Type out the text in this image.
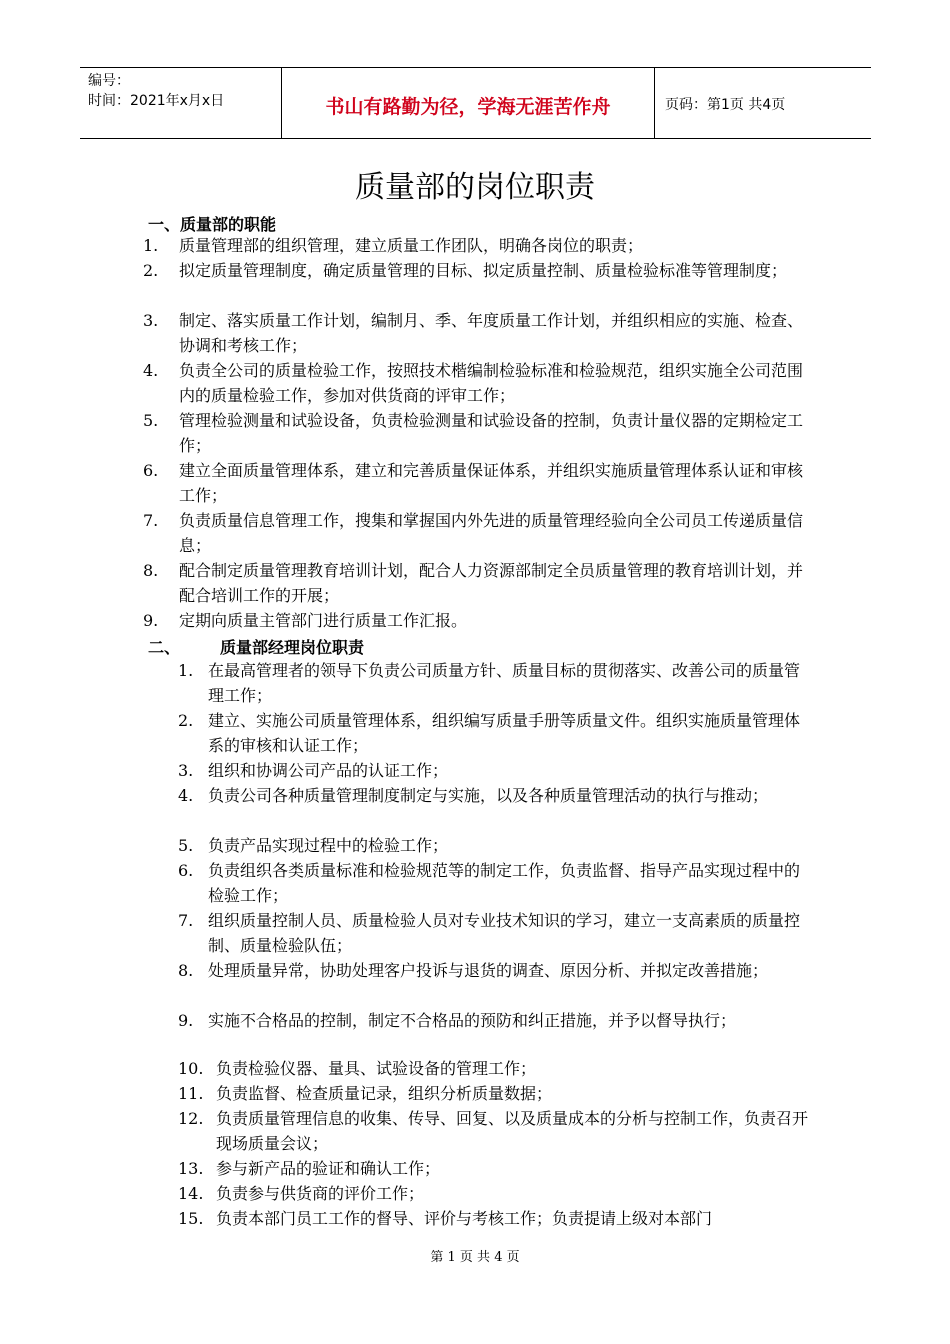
编号：
时间：2021年x月x日	书山有路勤为径，学海无涯苦作舟	页码：第1页 共4页
质量部的岗位职责
一、质量部的职能
1. 质量管理部的组织管理，建立质量工作团队，明确各岗位的职责；
2. 拟定质量管理制度，确定质量管理的目标、拟定质量控制、质量检验标准等管理制度；
3. 制定、落实质量工作计划，编制月、季、年度质量工作计划，并组织相应的实施、检查、协调和考核工作；
4. 负责全公司的质量检验工作，按照技术楷编制检验标准和检验规范，组织实施全公司范围内的质量检验工作，参加对供货商的评审工作；
5. 管理检验测量和试验设备，负责检验测量和试验设备的控制，负责计量仪器的定期检定工作；
6. 建立全面质量管理体系，建立和完善质量保证体系，并组织实施质量管理体系认证和审核工作；
7. 负责质量信息管理工作，搜集和掌握国内外先进的质量管理经验向全公司员工传递质量信息；
8. 配合制定质量管理教育培训计划，配合人力资源部制定全员质量管理的教育培训计划，并配合培训工作的开展；
9. 定期向质量主管部门进行质量工作汇报。
二、	质量部经理岗位职责
1. 在最高管理者的领导下负责公司质量方针、质量目标的贯彻落实、改善公司的质量管理工作；
2. 建立、实施公司质量管理体系，组织编写质量手册等质量文件。组织实施质量管理体系的审核和认证工作；
3. 组织和协调公司产品的认证工作；
4. 负责公司各种质量管理制度制定与实施，以及各种质量管理活动的执行与推动；
5. 负责产品实现过程中的检验工作；
6. 负责组织各类质量标准和检验规范等的制定工作，负责监督、指导产品实现过程中的检验工作；
7. 组织质量控制人员、质量检验人员对专业技术知识的学习，建立一支高素质的质量控制、质量检验队伍；
8. 处理质量异常，协助处理客户投诉与退货的调查、原因分析、并拟定改善措施；
9. 实施不合格品的控制，制定不合格品的预防和纠正措施，并予以督导执行；
10. 负责检验仪器、量具、试验设备的管理工作；
11. 负责监督、检查质量记录，组织分析质量数据；
12. 负责质量管理信息的收集、传导、回复、以及质量成本的分析与控制工作，负责召开现场质量会议；
13. 参与新产品的验证和确认工作；
14. 负责参与供货商的评价工作；
15. 负责本部门员工工作的督导、评价与考核工作；负责提请上级对本部门
第 1 页 共 4 页
